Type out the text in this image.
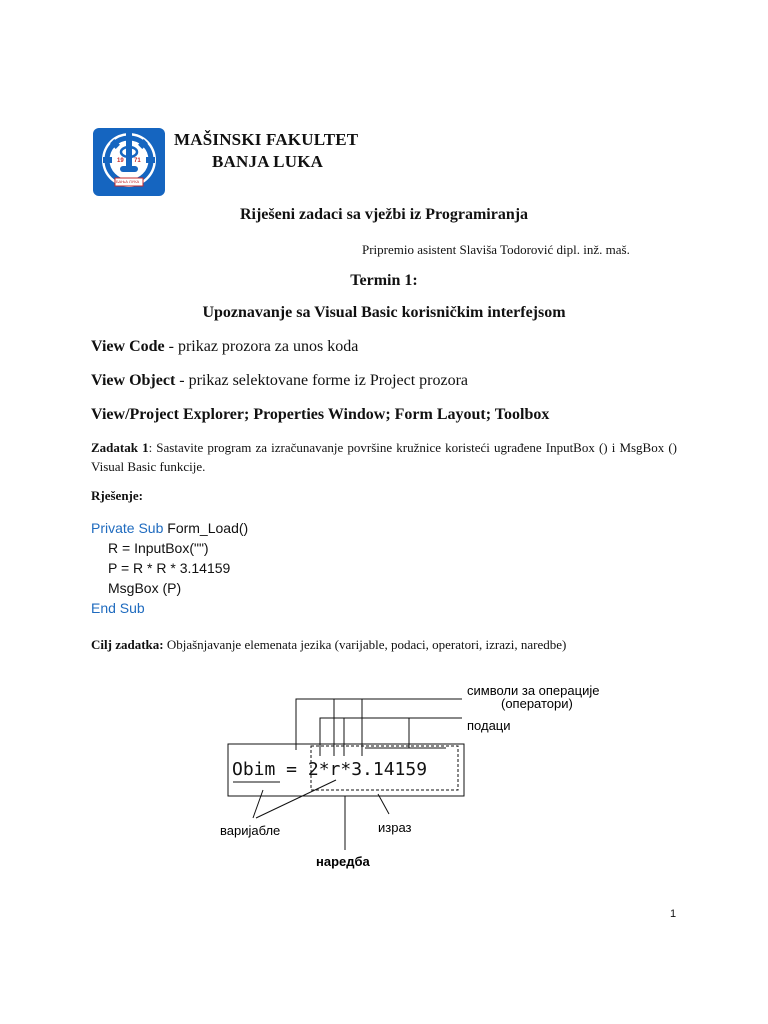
19 71
БАЊА ЛУКА
MAŠINSKI FAKULTET
BANJA LUKA
Riješeni zadaci sa vježbi iz Programiranja
Pripremio asistent Slaviša Todorović dipl. inž. maš.
Termin 1:
Upoznavanje sa Visual Basic korisničkim interfejsom
View Code - prikaz prozora za unos koda
View Object - prikaz selektovane forme iz Project prozora
View/Project Explorer; Properties Window; Form Layout; Toolbox
Zadatak 1: Sastavite program za izračunavanje površine kružnice koristeći ugrađene InputBox () i MsgBox () Visual Basic funkcije.
Rješenje:
Private Sub Form_Load()
R = InputBox("")
P = R * R * 3.14159
MsgBox (P)
End Sub
Cilj zadatka: Objašnjavanje elemenata jezika (varijable, podaci, operatori, izrazi, naredbe)
Obim = 2*r*3.14159
символи за операције
(оператори)
подаци
варијабле	израз
наредба
1
